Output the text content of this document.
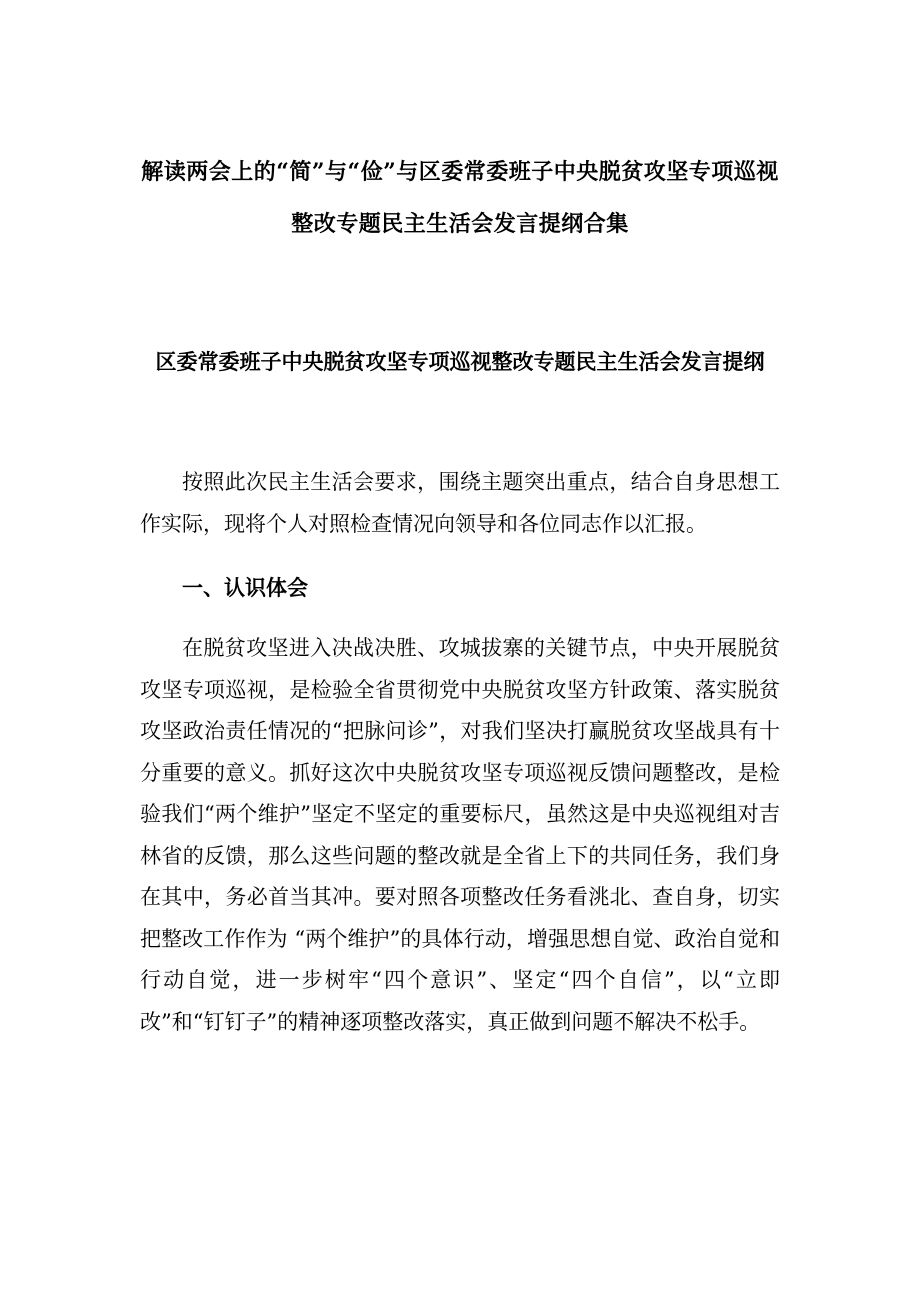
解读两会上的“简”与“俭”与区委常委班子中央脱贫攻坚专项巡视
整改专题民主生活会发言提纲合集
区委常委班子中央脱贫攻坚专项巡视整改专题民主生活会发言提纲

按照此次民主生活会要求，围绕主题突出重点，结合自身思想工作实际，现将个人对照检查情况向领导和各位同志作以汇报。

一、认识体会

在脱贫攻坚进入决战决胜、攻城拔寨的关键节点，中央开展脱贫攻坚专项巡视，是检验全省贯彻党中央脱贫攻坚方针政策、落实脱贫攻坚政治责任情况的“把脉问诊”，对我们坚决打赢脱贫攻坚战具有十分重要的意义。抓好这次中央脱贫攻坚专项巡视反馈问题整改，是检验我们“两个维护”坚定不坚定的重要标尺，虽然这是中央巡视组对吉林省的反馈，那么这些问题的整改就是全省上下的共同任务，我们身在其中，务必首当其冲。要对照各项整改任务看洮北、查自身，切实把整改工作作为 “两个维护”的具体行动，增强思想自觉、政治自觉和行动自觉，进一步树牢“四个意识”、坚定“四个自信”，以“立即改”和“钉钉子”的精神逐项整改落实，真正做到问题不解决不松手。
